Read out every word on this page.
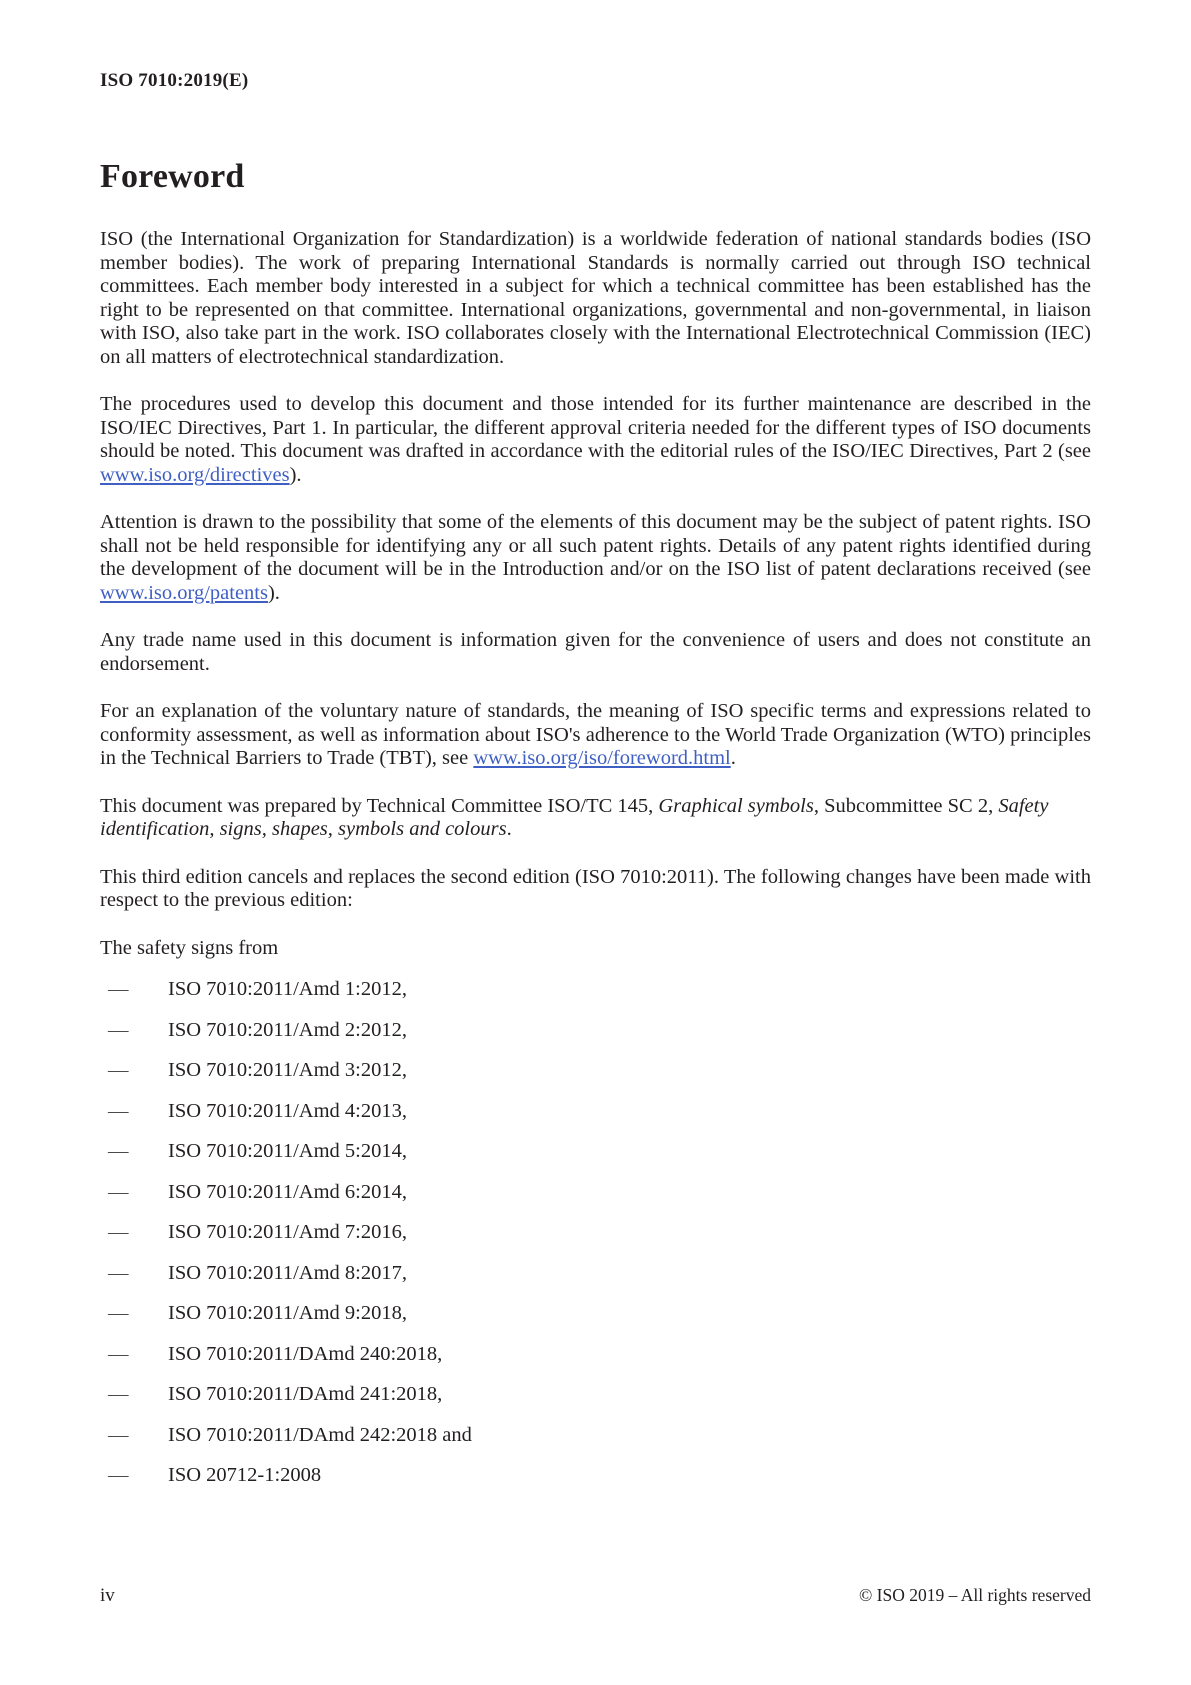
ISO 7010:2019(E)
Foreword

ISO (the International Organization for Standardization) is a worldwide federation of national standards bodies (ISO member bodies). The work of preparing International Standards is normally carried out through ISO technical committees. Each member body interested in a subject for which a technical committee has been established has the right to be represented on that committee. International organizations, governmental and non-governmental, in liaison with ISO, also take part in the work. ISO collaborates closely with the International Electrotechnical Commission (IEC) on all matters of electrotechnical standardization.

The procedures used to develop this document and those intended for its further maintenance are described in the ISO/IEC Directives, Part 1. In particular, the different approval criteria needed for the different types of ISO documents should be noted. This document was drafted in accordance with the editorial rules of the ISO/IEC Directives, Part 2 (see www.iso.org/directives).

Attention is drawn to the possibility that some of the elements of this document may be the subject of patent rights. ISO shall not be held responsible for identifying any or all such patent rights. Details of any patent rights identified during the development of the document will be in the Introduction and/or on the ISO list of patent declarations received (see www.iso.org/patents).

Any trade name used in this document is information given for the convenience of users and does not constitute an endorsement.

For an explanation of the voluntary nature of standards, the meaning of ISO specific terms and expressions related to conformity assessment, as well as information about ISO's adherence to the World Trade Organization (WTO) principles in the Technical Barriers to Trade (TBT), see www.iso.org/iso/foreword.html.

This document was prepared by Technical Committee ISO/TC 145, Graphical symbols, Subcommittee SC 2, Safety identification, signs, shapes, symbols and colours.

This third edition cancels and replaces the second edition (ISO 7010:2011). The following changes have been made with respect to the previous edition:

The safety signs from

— ISO 7010:2011/Amd 1:2012,
— ISO 7010:2011/Amd 2:2012,
— ISO 7010:2011/Amd 3:2012,
— ISO 7010:2011/Amd 4:2013,
— ISO 7010:2011/Amd 5:2014,
— ISO 7010:2011/Amd 6:2014,
— ISO 7010:2011/Amd 7:2016,
— ISO 7010:2011/Amd 8:2017,
— ISO 7010:2011/Amd 9:2018,
— ISO 7010:2011/DAmd 240:2018,
— ISO 7010:2011/DAmd 241:2018,
— ISO 7010:2011/DAmd 242:2018 and
— ISO 20712-1:2008
iv	© ISO 2019 – All rights reserved
